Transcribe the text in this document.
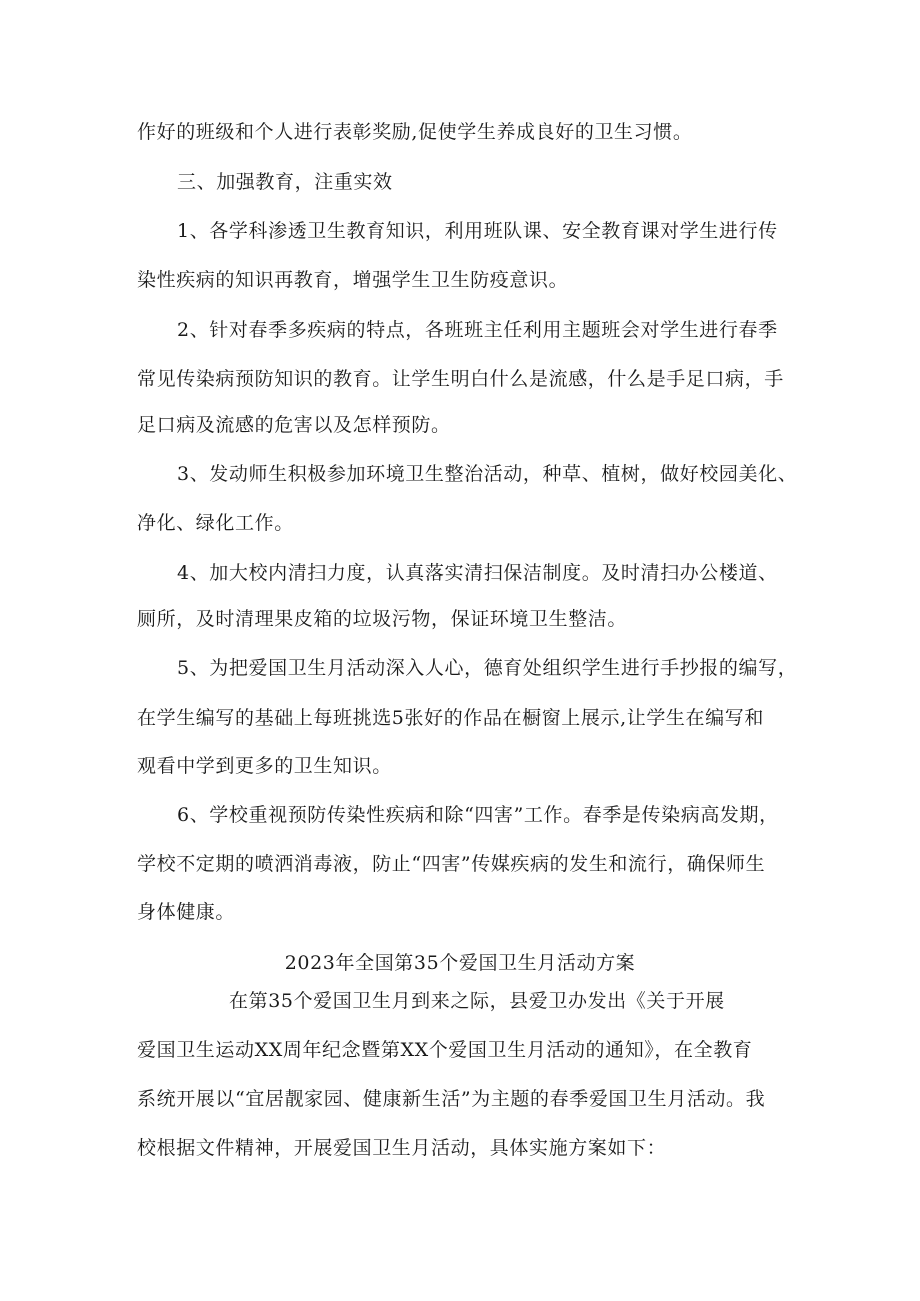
作好的班级和个人进行表彰奖励,促使学生养成良好的卫生习惯。
三、加强教育，注重实效
1、各学科渗透卫生教育知识，利用班队课、安全教育课对学生进行传
染性疾病的知识再教育，增强学生卫生防疫意识。
2、针对春季多疾病的特点，各班班主任利用主题班会对学生进行春季
常见传染病预防知识的教育。让学生明白什么是流感，什么是手足口病，手
足口病及流感的危害以及怎样预防。
3、发动师生积极参加环境卫生整治活动，种草、植树，做好校园美化、
净化、绿化工作。
4、加大校内清扫力度，认真落实清扫保洁制度。及时清扫办公楼道、
厕所，及时清理果皮箱的垃圾污物，保证环境卫生整洁。
5、为把爱国卫生月活动深入人心，德育处组织学生进行手抄报的编写，
在学生编写的基础上每班挑选5张好的作品在橱窗上展示,让学生在编写和
观看中学到更多的卫生知识。
6、学校重视预防传染性疾病和除“四害”工作。春季是传染病高发期，
学校不定期的喷洒消毒液，防止“四害”传媒疾病的发生和流行，确保师生
身体健康。
2023年全国第35个爱国卫生月活动方案
在第35个爱国卫生月到来之际，县爱卫办发出《关于开展
爱国卫生运动XX周年纪念暨第XX个爱国卫生月活动的通知》，在全教育
系统开展以“宜居靓家园、健康新生活”为主题的春季爱国卫生月活动。我
校根据文件精神，开展爱国卫生月活动，具体实施方案如下：
